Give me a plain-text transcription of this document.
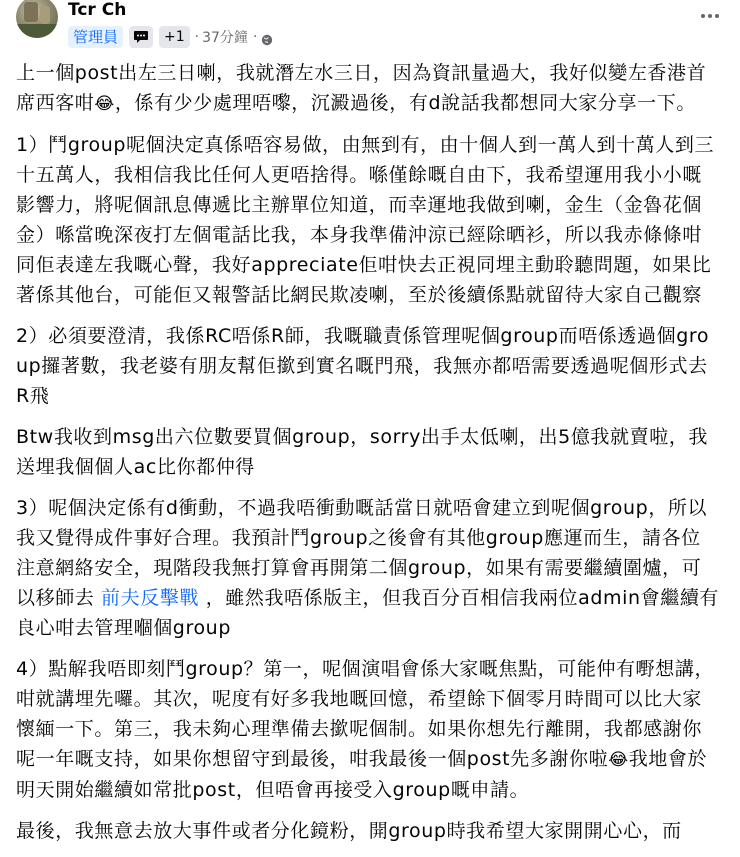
Tcr Ch
管理員	+1 · 37分鐘 ·

上一個post出左三日喇，我就潛左水三日，因為資訊量過大，我好似變左香港首席西客咁😂，係有少少處理唔嚟，沉澱過後，有d說話我都想同大家分享一下。

1）鬥group呢個決定真係唔容易做，由無到有，由十個人到一萬人到十萬人到三十五萬人，我相信我比任何人更唔捨得。喺僅餘嘅自由下，我希望運用我小小嘅影響力，將呢個訊息傳遞比主辦單位知道，而幸運地我做到喇，金生（金魯花個金）喺當晚深夜打左個電話比我，本身我準備沖涼已經除晒衫，所以我赤條條咁同佢表達左我嘅心聲，我好appreciate佢咁快去正視同埋主動聆聽問題，如果比著係其他台，可能佢又報警話比網民欺凌喇，至於後續係點就留待大家自己觀察

2）必須要澄清，我係RC唔係R師，我嘅職責係管理呢個group而唔係透過個group攞著數，我老婆有朋友幫佢撳到實名嘅門飛，我無亦都唔需要透過呢個形式去R飛

Btw我收到msg出六位數要買個group，sorry出手太低喇，出5億我就賣啦，我送埋我個個人ac比你都仲得

3）呢個決定係有d衝動，不過我唔衝動嘅話當日就唔會建立到呢個group，所以我又覺得成件事好合理。我預計鬥group之後會有其他group應運而生，請各位注意網絡安全，現階段我無打算會再開第二個group，如果有需要繼續圍爐，可以移師去 前夫反擊戰 ，雖然我唔係版主，但我百分百相信我兩位admin會繼續有良心咁去管理嗰個group

4）點解我唔即刻鬥group？第一，呢個演唱會係大家嘅焦點，可能仲有嘢想講，咁就講埋先囉。其次，呢度有好多我地嘅回憶，希望餘下個零月時間可以比大家懷緬一下。第三，我未夠心理準備去撳呢個制。如果你想先行離開，我都感謝你呢一年嘅支持，如果你想留守到最後，咁我最後一個post先多謝你啦😂我地會於明天開始繼續如常批post，但唔會再接受入group嘅申請。

最後，我無意去放大事件或者分化鏡粉，開group時我希望大家開開心心，而
